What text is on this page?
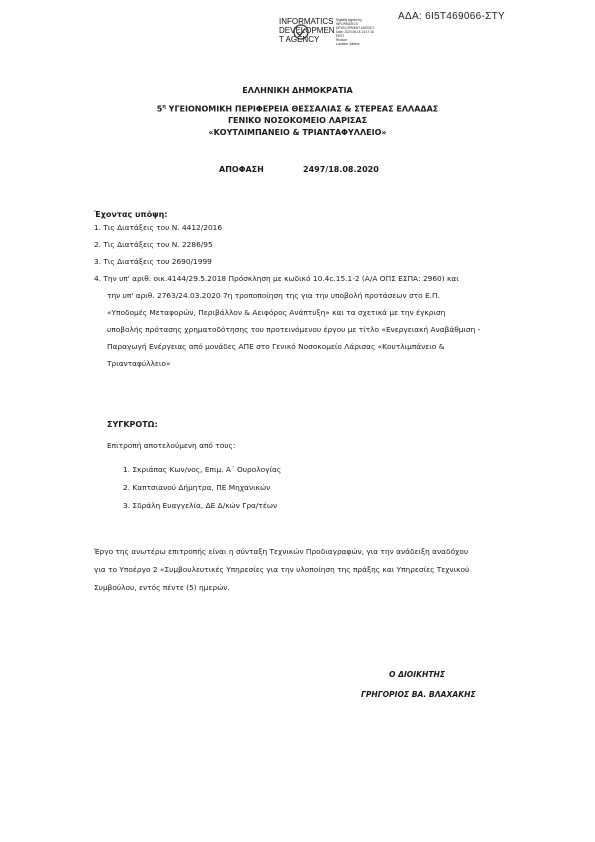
ΑΔΑ: 6Ι5Τ469066-ΣΤΥ
INFORMATICS
DEVELOPMEN
T AGENCY
Digitally signed by
INFORMATICS
DEVELOPMENT AGENCY
Date: 2020.08.18 13:17:16
EEST
Reason:
Location: Athens
ΕΛΛΗΝΙΚΗ ΔΗΜΟΚΡΑΤΙΑ
$5^\eta$ ΥΓΕΙΟΝΟΜΙΚΗ ΠΕΡΙΦΕΡΕΙΑ ΘΕΣΣΑΛΙΑΣ & ΣΤΕΡΕΑΣ ΕΛΛΑΔΑΣ
ΓΕΝΙΚΟ ΝΟΣΟΚΟΜΕΙΟ ΛΑΡΙΣΑΣ
«ΚΟΥΤΛΙΜΠΑΝΕΙΟ & ΤΡΙΑΝΤΑΦΥΛΛΕΙΟ»
ΑΠΟΦΑΣΗ	2497/18.08.2020
Έχοντας υπόψη:
1. Τις Διατάξεις του Ν. 4412/2016
2. Τις Διατάξεις του Ν. 2286/95
3. Τις Διατάξεις του 2690/1999
4. Την υπ' αριθ. οικ.4144/29.5.2018 Πρόσκληση με κωδικό 10.4c.15.1-2 (Α/Α ΟΠΣ ΕΣΠΑ: 2960) και
την υπ' αριθ. 2763/24.03.2020 7η τροποποίηση της για την υποβολή προτάσεων στο Ε.Π.
«Υποδομές Μεταφορών, Περιβάλλον & Αειφόρος Ανάπτυξη» και τα σχετικά με την έγκριση
υποβολής πρότασης χρηματοδότησης του προτεινόμενου έργου με τίτλο «Ενεργειακή Αναβάθμιση -
Παραγωγή Ενέργειας από μονάδες ΑΠΕ στο Γενικό Νοσοκομείο Λάρισας «Κουτλιμπάνειο &
Τριανταφύλλειο»
ΣΥΓΚΡΟΤΩ:
Επιτροπή αποτελούμενη από τους:
1. Σκριάπας Κων/νος, Επιμ. Α΄ Ουρολογίας
2. Καπτσιανού Δήμητρα, ΠΕ Μηχανικών
3. Σδράλη Ευαγγελία, ΔΕ Δ/κών Γρα/τέων
Έργο της ανωτέρω επιτροπής είναι η σύνταξη Τεχνικών Προδιαγραφών, για την ανάδειξη αναδόχου
για το Υποέργο 2 «Συμβουλευτικές Υπηρεσίες για την υλοποίηση της πράξης και Υπηρεσίες Τεχνικού
Συμβούλου, εντός πέντε (5) ημερών.
Ο ΔΙΟΙΚΗΤΗΣ
ΓΡΗΓΟΡΙΟΣ ΒΑ. ΒΛΑΧΑΚΗΣ
